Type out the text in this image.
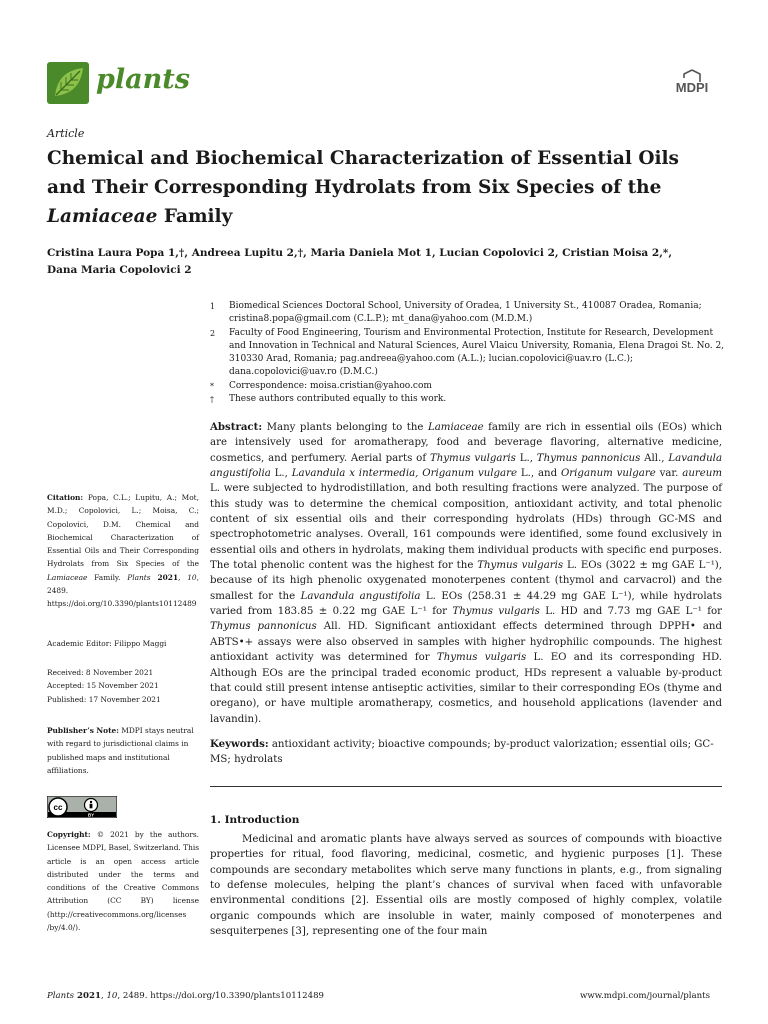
plants	MDPI
Article
Chemical and Biochemical Characterization of Essential Oils
and Their Corresponding Hydrolats from Six Species of the
Lamiaceae Family
Cristina Laura Popa 1,†, Andreea Lupitu 2,†, Maria Daniela Mot 1, Lucian Copolovici 2, Cristian Moisa 2,*,
Dana Maria Copolovici 2
1	Biomedical Sciences Doctoral School, University of Oradea, 1 University St., 410087 Oradea, Romania; cristina8.popa@gmail.com (C.L.P.); mt_dana@yahoo.com (M.D.M.)
2	Faculty of Food Engineering, Tourism and Environmental Protection, Institute for Research, Development and Innovation in Technical and Natural Sciences, Aurel Vlaicu University, Romania, Elena Dragoi St. No. 2, 310330 Arad, Romania; pag.andreea@yahoo.com (A.L.); lucian.copolovici@uav.ro (L.C.); dana.copolovici@uav.ro (D.M.C.)
*	Correspondence: moisa.cristian@yahoo.com
†	These authors contributed equally to this work.

Abstract: Many plants belonging to the Lamiaceae family are rich in essential oils (EOs) which are intensively used for aromatherapy, food and beverage flavoring, alternative medicine, cosmetics, and perfumery. Aerial parts of Thymus vulgaris L., Thymus pannonicus All., Lavandula angustifolia L., Lavandula x intermedia, Origanum vulgare L., and Origanum vulgare var. aureum L. were subjected to hydrodistillation, and both resulting fractions were analyzed. The purpose of this study was to determine the chemical composition, antioxidant activity, and total phenolic content of six essential oils and their corresponding hydrolats (HDs) through GC-MS and spectrophotometric analyses. Overall, 161 compounds were identified, some found exclusively in essential oils and others in hydrolats, making them individual products with specific end purposes. The total phenolic content was the highest for the Thymus vulgaris L. EOs (3022 ± mg GAE L⁻¹), because of its high phenolic oxygenated monoterpenes content (thymol and carvacrol) and the smallest for the Lavandula angustifolia L. EOs (258.31 ± 44.29 mg GAE L⁻¹), while hydrolats varied from 183.85 ± 0.22 mg GAE L⁻¹ for Thymus vulgaris L. HD and 7.73 mg GAE L⁻¹ for Thymus pannonicus All. HD. Significant antioxidant effects determined through DPPH• and ABTS•+ assays were also observed in samples with higher hydrophilic compounds. The highest antioxidant activity was determined for Thymus vulgaris L. EO and its corresponding HD. Although EOs are the principal traded economic product, HDs represent a valuable by-product that could still present intense antiseptic activities, similar to their corresponding EOs (thyme and oregano), or have multiple aromatherapy, cosmetics, and household applications (lavender and lavandin).

Keywords: antioxidant activity; bioactive compounds; by-product valorization; essential oils; GC-MS; hydrolats

1. Introduction

Medicinal and aromatic plants have always served as sources of compounds with bioactive properties for ritual, food flavoring, medicinal, cosmetic, and hygienic purposes [1]. These compounds are secondary metabolites which serve many functions in plants, e.g., from signaling to defense molecules, helping the plant’s chances of survival when faced with unfavorable environmental conditions [2]. Essential oils are mostly composed of highly complex, volatile organic compounds which are insoluble in water, mainly composed of monoterpenes and sesquiterpenes [3], representing one of the four main

Citation: Popa, C.L.; Lupitu, A.; Mot, M.D.; Copolovici, L.; Moisa, C.; Copolovici, D.M. Chemical and Biochemical Characterization of Essential Oils and Their Corresponding Hydrolats from Six Species of the Lamiaceae Family. Plants 2021, 10, 2489. https://doi.org/10.3390/plants10112489

Academic Editor: Filippo Maggi

Received: 8 November 2021
Accepted: 15 November 2021
Published: 17 November 2021

Publisher’s Note: MDPI stays neutral with regard to jurisdictional claims in published maps and institutional affiliations.

cc
BY

Copyright: © 2021 by the authors. Licensee MDPI, Basel, Switzerland. This article is an open access article distributed under the terms and conditions of the Creative Commons Attribution (CC BY) license (http://creativecommons.org/licenses /by/4.0/).

Plants 2021, 10, 2489. https://doi.org/10.3390/plants10112489	www.mdpi.com/journal/plants
